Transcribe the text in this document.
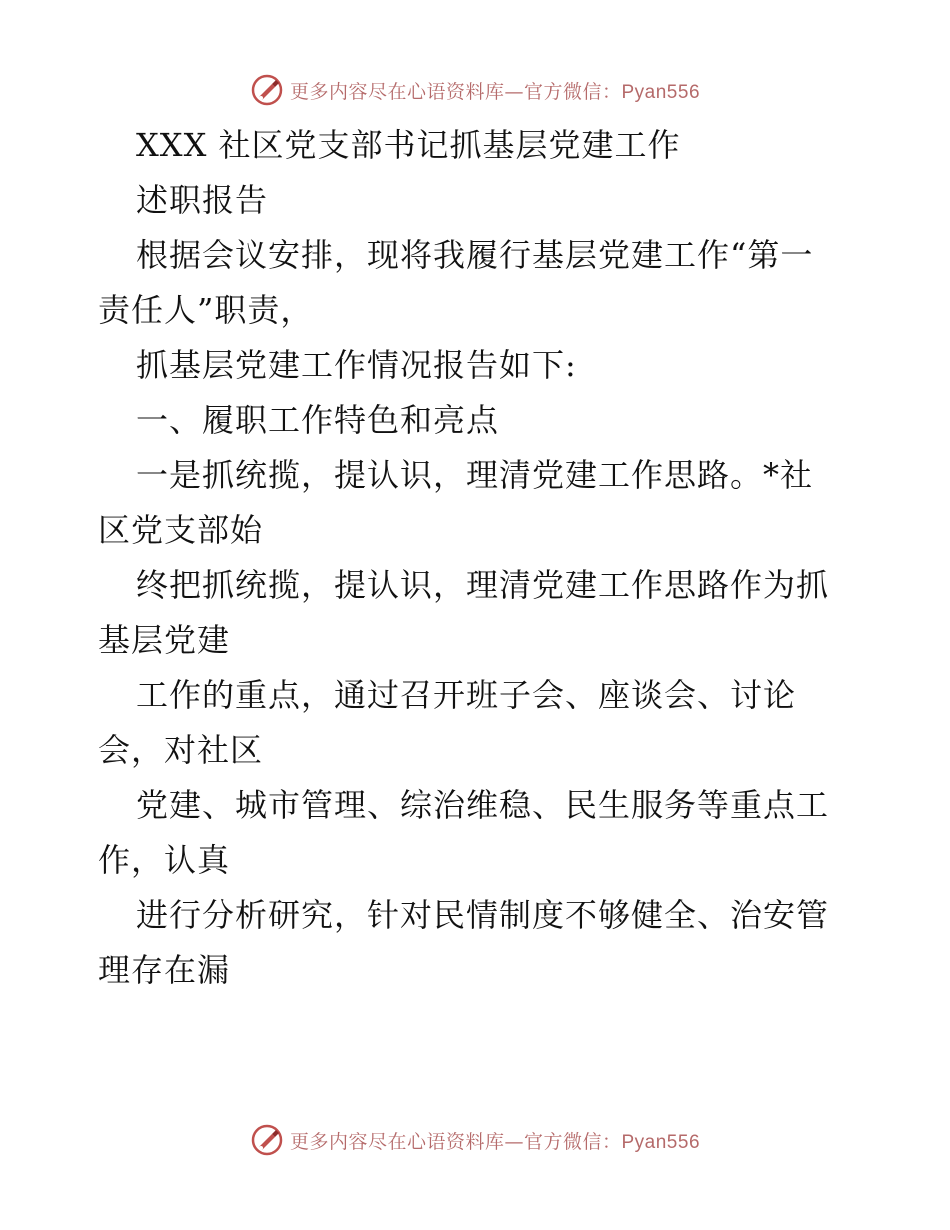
更多内容尽在心语资料库—官方微信：Pyan556
XXX 社区党支部书记抓基层党建工作
述职报告
根据会议安排，现将我履行基层党建工作“第一
责任人”职责，
抓基层党建工作情况报告如下:
一、履职工作特色和亮点
一是抓统揽，提认识，理清党建工作思路。*社
区党支部始
终把抓统揽，提认识，理清党建工作思路作为抓
基层党建
工作的重点，通过召开班子会、座谈会、讨论
会，对社区
党建、城市管理、综治维稳、民生服务等重点工
作，认真
进行分析研究，针对民情制度不够健全、治安管
理存在漏
更多内容尽在心语资料库—官方微信：Pyan556
